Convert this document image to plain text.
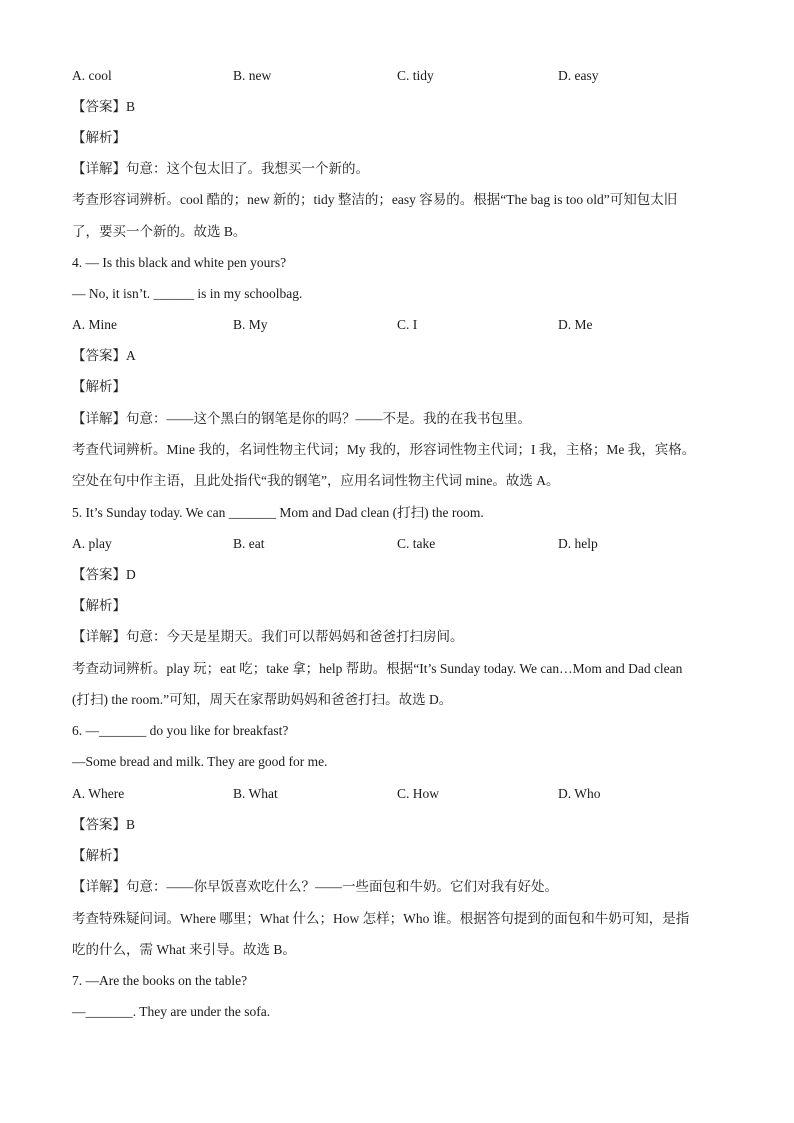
A. cool	B. new	C. tidy	D. easy
【答案】B
【解析】
【详解】句意：这个包太旧了。我想买一个新的。
考查形容词辨析。cool 酷的；new 新的；tidy 整洁的；easy 容易的。根据“The bag is too old”可知包太旧
了，要买一个新的。故选 B。
4. — Is this black and white pen yours?
— No, it isn’t. ______ is in my schoolbag.
A. Mine	B. My	C. I	D. Me
【答案】A
【解析】
【详解】句意：——这个黑白的钢笔是你的吗？——不是。我的在我书包里。
考查代词辨析。Mine 我的，名词性物主代词；My 我的，形容词性物主代词；I 我，主格；Me 我，宾格。
空处在句中作主语，且此处指代“我的钢笔”，应用名词性物主代词 mine。故选 A。
5. It’s Sunday today. We can _______ Mom and Dad clean (打扫) the room.
A. play	B. eat	C. take	D. help
【答案】D
【解析】
【详解】句意：今天是星期天。我们可以帮妈妈和爸爸打扫房间。
考查动词辨析。play 玩；eat 吃；take 拿；help 帮助。根据“It’s Sunday today. We can…Mom and Dad clean
(打扫) the room.”可知，周天在家帮助妈妈和爸爸打扫。故选 D。
6. —_______ do you like for breakfast?
—Some bread and milk. They are good for me.
A. Where	B. What	C. How	D. Who
【答案】B
【解析】
【详解】句意：——你早饭喜欢吃什么？——一些面包和牛奶。它们对我有好处。
考查特殊疑问词。Where 哪里；What 什么；How 怎样；Who 谁。根据答句提到的面包和牛奶可知，是指
吃的什么，需 What 来引导。故选 B。
7. —Are the books on the table?
—_______. They are under the sofa.
